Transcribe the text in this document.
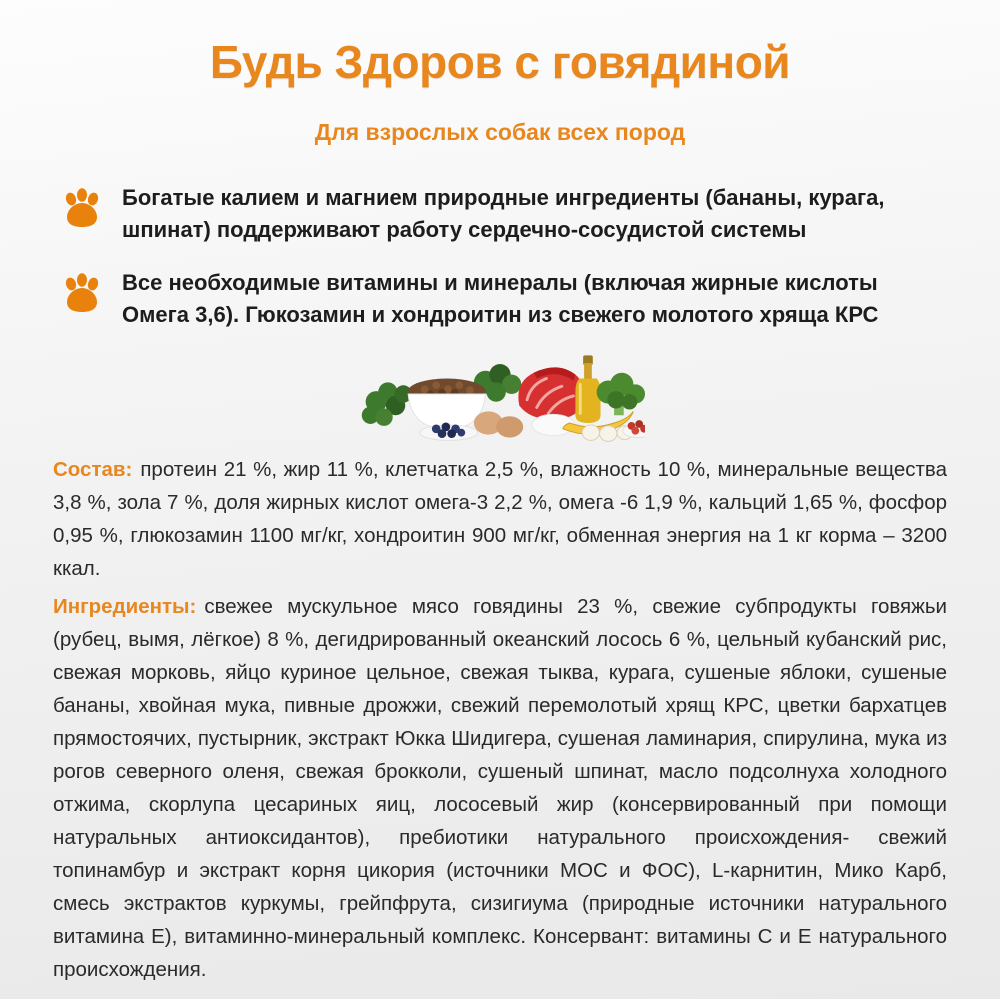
Будь Здоров с говядиной
Для взрослых собак всех пород
Богатые калием и магнием природные ингредиенты (бананы, курага, шпинат) поддерживают работу сердечно-сосудистой системы
Все необходимые витамины и минералы (включая жирные кислоты Омега 3,6). Гюкозамин и хондроитин из свежего молотого хряща КРС

Состав: протеин 21 %, жир 11 %, клетчатка 2,5 %, влажность 10 %, минеральные вещества 3,8 %, зола 7 %, доля жирных кислот омега-3 2,2 %, омега -6 1,9 %, кальций 1,65 %, фосфор 0,95 %, глюкозамин 1100 мг/кг, хондроитин 900 мг/кг, обменная энергия на 1 кг корма – 3200 ккал.

Ингредиенты: свежее мускульное мясо говядины 23 %, свежие субпродукты говяжьи (рубец, вымя, лёгкое) 8 %, дегидрированный океанский лосось 6 %, цельный кубанский рис, свежая морковь, яйцо куриное цельное, свежая тыква, курага, сушеные яблоки, сушеные бананы, хвойная мука, пивные дрожжи, свежий перемолотый хрящ КРС, цветки бархатцев прямостоячих, пустырник, экстракт Юкка Шидигера, сушеная ламинария, спирулина, мука из рогов северного оленя, свежая брокколи, сушеный шпинат, масло подсолнуха холодного отжима, скорлупа цесариных яиц, лососевый жир (консервированный при помощи натуральных антиоксидантов), пребиотики натурального происхождения- свежий топинамбур и экстракт корня цикория (источники МОС и ФОС), L-карнитин, Мико Карб, смесь экстрактов куркумы, грейпфрута, сизигиума (природные источники натурального витамина Е), витаминно-минеральный комплекс. Консервант: витамины С и Е натурального происхождения.
